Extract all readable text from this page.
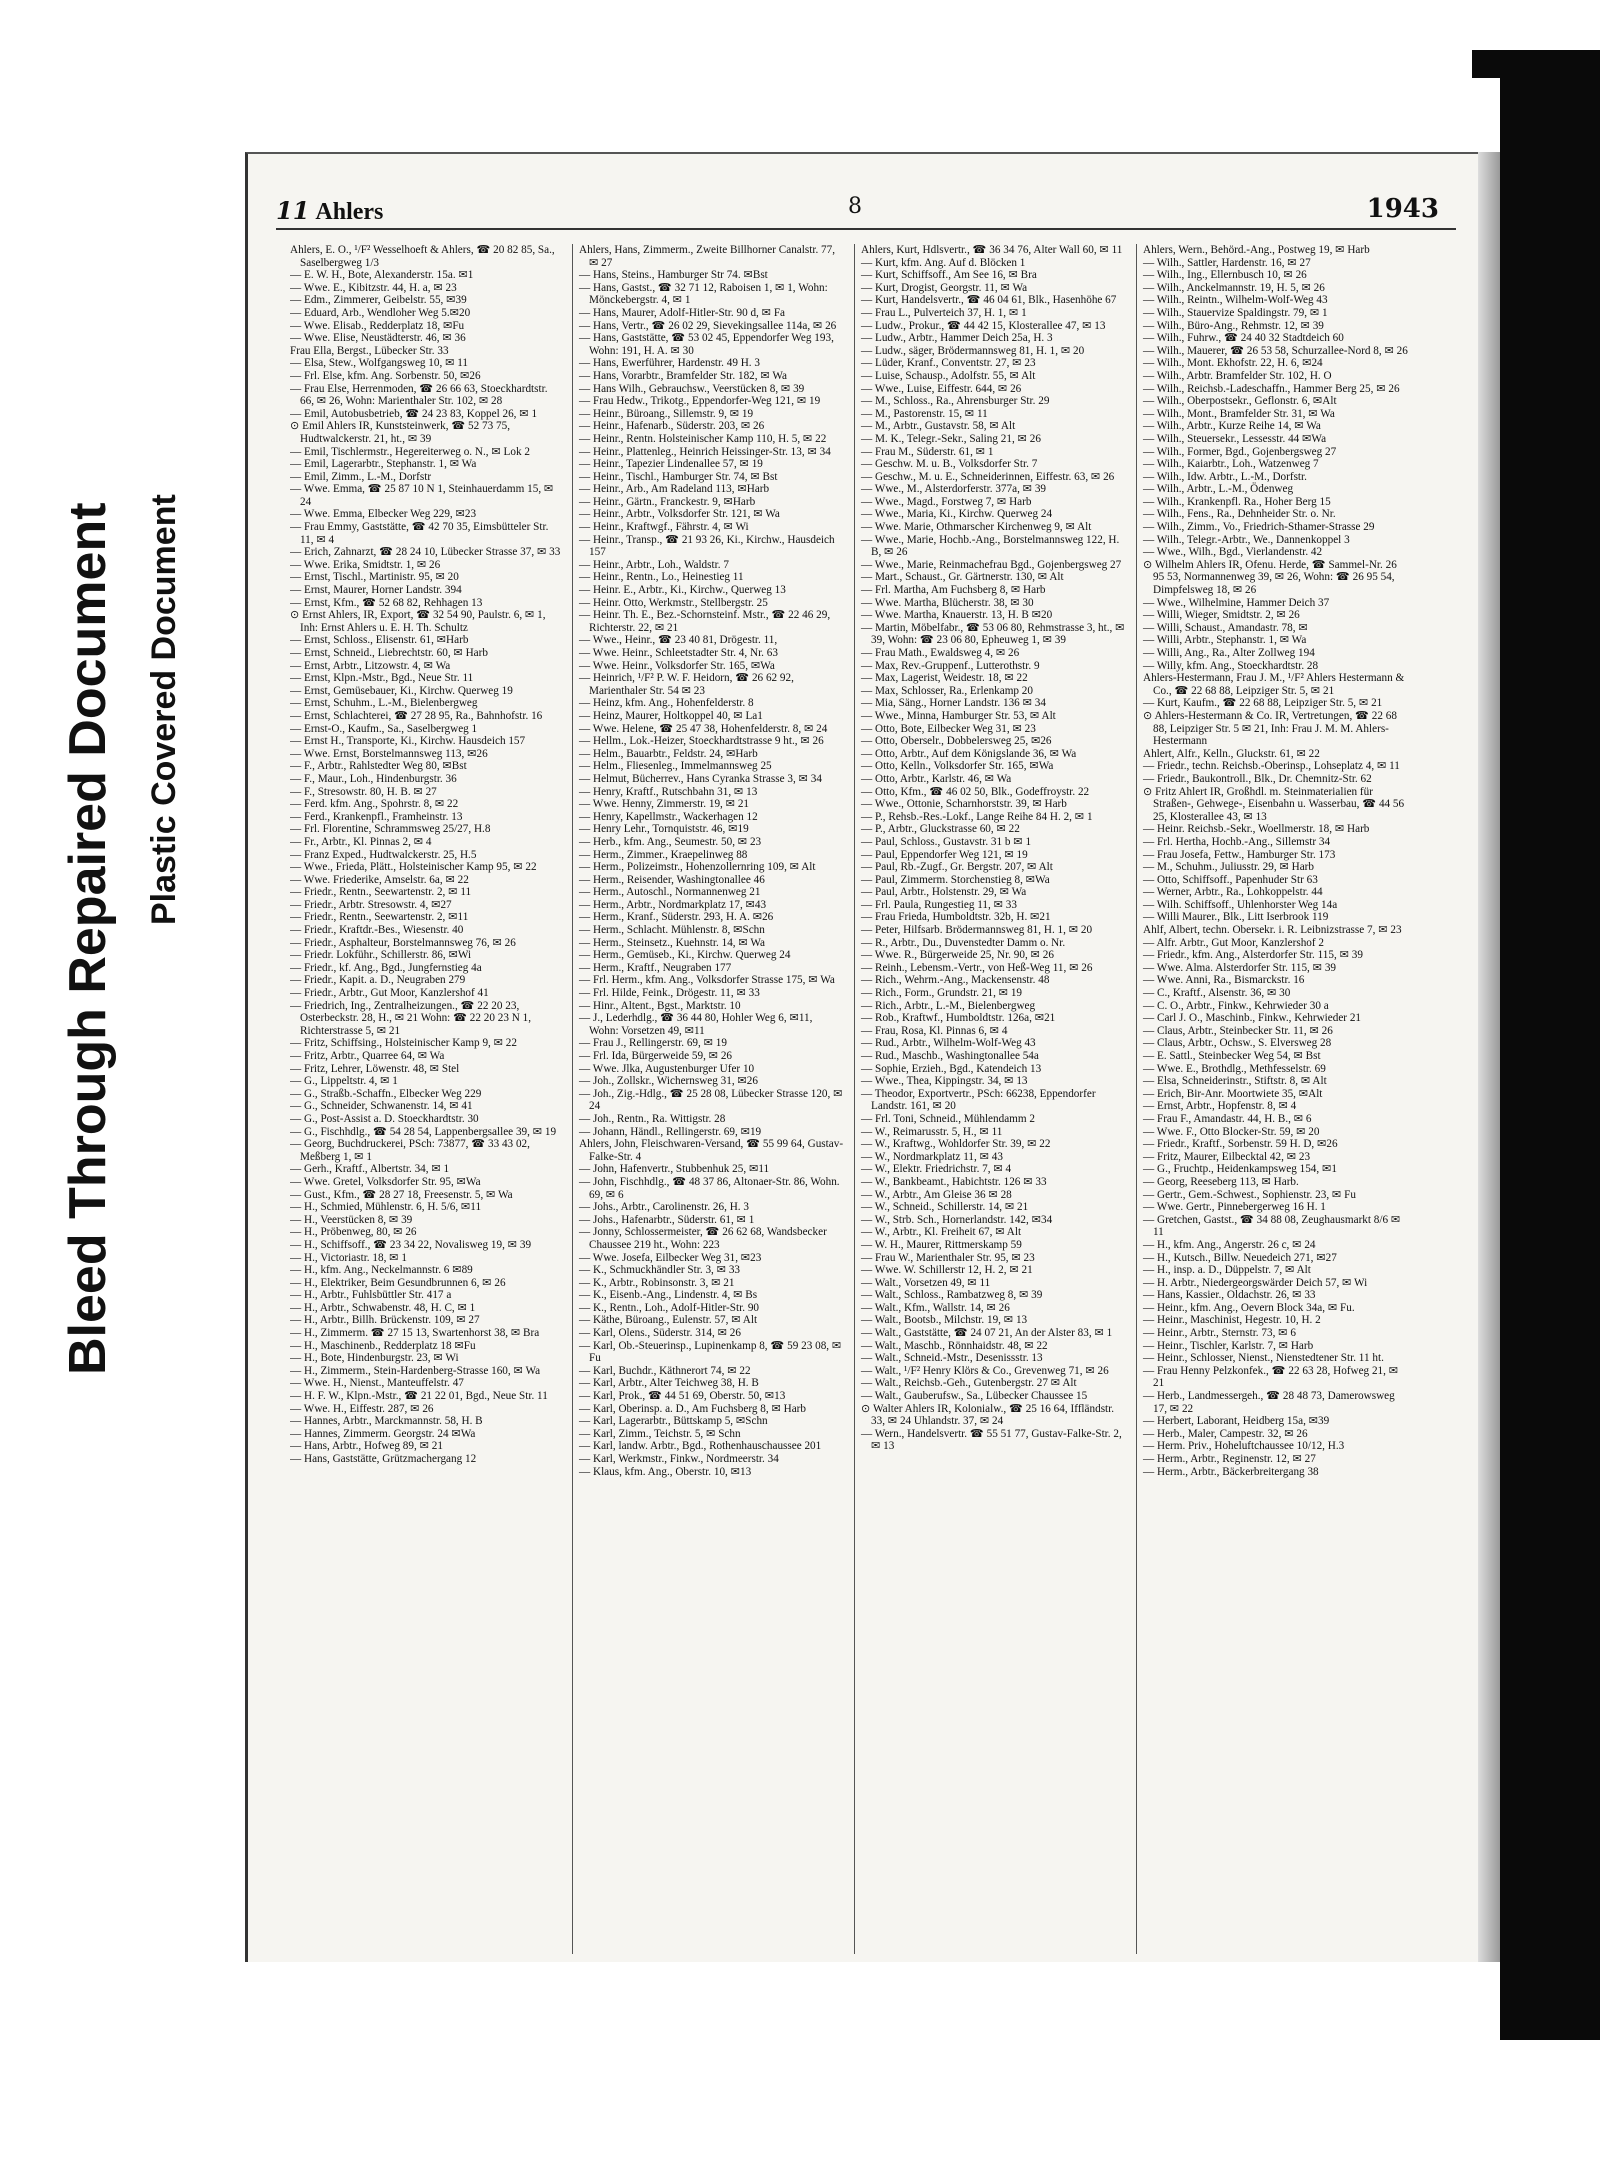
Bleed Through Repaired Document Plastic Covered Document
11 Ahlers	8	1943
Ahlers, E. O., ¹/F² Wesselhoeft & Ahlers, ☎ 20 82 85, Sa., Saselbergweg 1/3
— E. W. H., Bote, Alexanderstr. 15a. ✉1
— Wwe. E., Kibitzstr. 44, H. a, ✉ 23
— Edm., Zimmerer, Geibelstr. 55, ✉39
— Eduard, Arb., Wendloher Weg 5.✉20
— Wwe. Elisab., Redderplatz 18, ✉Fu
— Wwe. Elise, Neustädterstr. 46, ✉ 36
Frau Ella, Bergst., Lübecker Str. 33
— Elsa, Stew., Wolfgangsweg 10, ✉ 11
— Frl. Else, kfm. Ang. Sorbenstr. 50, ✉26
— Frau Else, Herrenmoden, ☎ 26 66 63, Stoeckhardtstr. 66, ✉ 26, Wohn: Marienthaler Str. 102, ✉ 28
— Emil, Autobusbetrieb, ☎ 24 23 83, Koppel 26, ✉ 1
⊙ Emil Ahlers IR, Kunststeinwerk, ☎ 52 73 75, Hudtwalckerstr. 21, ht., ✉ 39
— Emil, Tischlermstr., Hegereiterweg o. N., ✉ Lok 2
— Emil, Lagerarbtr., Stephanstr. 1, ✉ Wa
— Emil, Zimm., L.-M., Dorfstr
— Wwe. Emma, ☎ 25 87 10 N 1, Steinhauerdamm 15, ✉ 24
— Wwe. Emma, Elbecker Weg 229, ✉23
— Frau Emmy, Gaststätte, ☎ 42 70 35, Eimsbütteler Str. 11, ✉ 4
— Erich, Zahnarzt, ☎ 28 24 10, Lübecker Strasse 37, ✉ 33
— Wwe. Erika, Smidtstr. 1, ✉ 26
— Ernst, Tischl., Martinistr. 95, ✉ 20
— Ernst, Maurer, Horner Landstr. 394
— Ernst, Kfm., ☎ 52 68 82, Rehhagen 13
⊙ Ernst Ahlers, IR, Export, ☎ 32 54 90, Paulstr. 6, ✉ 1, Inh: Ernst Ahlers u. E. H. Th. Schultz
— Ernst, Schloss., Elisenstr. 61, ✉Harb
— Ernst, Schneid., Liebrechtstr. 60, ✉ Harb
— Ernst, Arbtr., Litzowstr. 4, ✉ Wa
— Ernst, Klpn.-Mstr., Bgd., Neue Str. 11
— Ernst, Gemüsebauer, Ki., Kirchw. Querweg 19
— Ernst, Schuhm., L.-M., Bielenbergweg
— Ernst, Schlachterei, ☎ 27 28 95, Ra., Bahnhofstr. 16
— Ernst-O., Kaufm., Sa., Saselbergweg 1
— Ernst H., Transporte, Ki., Kirchw. Hausdeich 157
— Wwe. Ernst, Borstelmannsweg 113, ✉26
— F., Arbtr., Rahlstedter Weg 80, ✉Bst
— F., Maur., Loh., Hindenburgstr. 36
— F., Stresowstr. 80, H. B. ✉ 27
— Ferd. kfm. Ang., Spohrstr. 8, ✉ 22
— Ferd., Krankenpfl., Framheinstr. 13
— Frl. Florentine, Schrammsweg 25/27, H.8
— Fr., Arbtr., Kl. Pinnas 2, ✉ 4
— Franz Exped., Hudtwalckerstr. 25, H.5
— Wwe., Frieda, Plätt., Holsteinischer Kamp 95, ✉ 22
— Wwe. Friederike, Amselstr. 6a, ✉ 22
— Friedr., Rentn., Seewartenstr. 2, ✉ 11
— Friedr., Arbtr. Stresowstr. 4, ✉27
— Friedr., Rentn., Seewartenstr. 2, ✉11
— Friedr., Kraftdr.-Bes., Wiesenstr. 40
— Friedr., Asphalteur, Borstelmannsweg 76, ✉ 26
— Friedr. Lokführ., Schillerstr. 86, ✉Wi
— Friedr., kf. Ang., Bgd., Jungfernstieg 4a
— Friedr., Kapit. a. D., Neugraben 279
— Friedr., Arbtr., Gut Moor, Kanzlershof 41
— Friedrich, Ing., Zentralheizungen., ☎ 22 20 23, Osterbeckstr. 28, H., ✉ 21 Wohn: ☎ 22 20 23 N 1, Richterstrasse 5, ✉ 21
— Fritz, Schiffsing., Holsteinischer Kamp 9, ✉ 22
— Fritz, Arbtr., Quarree 64, ✉ Wa
— Fritz, Lehrer, Löwenstr. 48, ✉ Stel
— G., Lippeltstr. 4, ✉ 1
— G., Straßb.-Schaffn., Elbecker Weg 229
— G., Schneider, Schwanenstr. 14, ✉ 41
— G., Post-Assist a. D. Stoeckhardtstr. 30
— G., Fischhdlg., ☎ 54 28 54, Lappenbergsallee 39, ✉ 19
— Georg, Buchdruckerei, PSch: 73877, ☎ 33 43 02, Meßberg 1, ✉ 1
— Gerh., Kraftf., Albertstr. 34, ✉ 1
— Wwe. Gretel, Volksdorfer Str. 95, ✉Wa
— Gust., Kfm., ☎ 28 27 18, Freesenstr. 5, ✉ Wa
— H., Schmied, Mühlenstr. 6, H. 5/6, ✉11
— H., Veerstücken 8, ✉ 39
— H., Pröbenweg, 80, ✉ 26
— H., Schiffsoff., ☎ 23 34 22, Novalisweg 19, ✉ 39
— H., Victoriastr. 18, ✉ 1
— H., kfm. Ang., Neckelmannstr. 6 ✉89
— H., Elektriker, Beim Gesundbrunnen 6, ✉ 26
— H., Arbtr., Fuhlsbüttler Str. 417 a
— H., Arbtr., Schwabenstr. 48, H. C, ✉ 1
— H., Arbtr., Billh. Brückenstr. 109, ✉ 27
— H., Zimmerm. ☎ 27 15 13, Swartenhorst 38, ✉ Bra
— H., Maschinenb., Redderplatz 18 ✉Fu
— H., Bote, Hindenburgstr. 23, ✉ Wi
— H., Zimmerm., Stein-Hardenberg-Strasse 160, ✉ Wa
— Wwe. H., Nienst., Manteuffelstr. 47
— H. F. W., Klpn.-Mstr., ☎ 21 22 01, Bgd., Neue Str. 11
— Wwe. H., Eiffestr. 287, ✉ 26
— Hannes, Arbtr., Marckmannstr. 58, H. B
— Hannes, Zimmerm. Georgstr. 24 ✉Wa
— Hans, Arbtr., Hofweg 89, ✉ 21
— Hans, Gaststätte, Grützmachergang 12
Ahlers, Hans, Zimmerm., Zweite Billhorner Canalstr. 77, ✉ 27
— Hans, Steins., Hamburger Str 74. ✉Bst
— Hans, Gastst., ☎ 32 71 12, Raboisen 1, ✉ 1, Wohn: Mönckebergstr. 4, ✉ 1
— Hans, Maurer, Adolf-Hitler-Str. 90 d, ✉ Fa
— Hans, Vertr., ☎ 26 02 29, Sievekingsallee 114a, ✉ 26
— Hans, Gaststätte, ☎ 53 02 45, Eppendorfer Weg 193, Wohn: 191, H. A. ✉ 30
— Hans, Ewerführer, Hardenstr. 49 H. 3
— Hans, Vorarbtr., Bramfelder Str. 182, ✉ Wa
— Hans Wilh., Gebrauchsw., Veerstücken 8, ✉ 39
— Frau Hedw., Trikotg., Eppendorfer-Weg 121, ✉ 19
— Heinr., Büroang., Sillemstr. 9, ✉ 19
— Heinr., Hafenarb., Süderstr. 203, ✉ 26
— Heinr., Rentn. Holsteinischer Kamp 110, H. 5, ✉ 22
— Heinr., Plattenleg., Heinrich Heissinger-Str. 13, ✉ 34
— Heinr., Tapezier Lindenallee 57, ✉ 19
— Heinr., Tischl., Hamburger Str. 74, ✉ Bst
— Heinr., Arb., Am Radeland 113, ✉Harb
— Heinr., Gärtn., Franckestr. 9, ✉Harb
— Heinr., Arbtr., Volksdorfer Str. 121, ✉ Wa
— Heinr., Kraftwgf., Fährstr. 4, ✉ Wi
— Heinr., Transp., ☎ 21 93 26, Ki., Kirchw., Hausdeich 157
— Heinr., Arbtr., Loh., Waldstr. 7
— Heinr., Rentn., Lo., Heinestieg 11
— Heinr. E., Arbtr., Ki., Kirchw., Querweg 13
— Heinr. Otto, Werkmstr., Stellbergstr. 25
— Heinr. Th. E., Bez.-Schornsteinf. Mstr., ☎ 22 46 29, Richterstr. 22, ✉ 21
— Wwe., Heinr., ☎ 23 40 81, Drögestr. 11,
— Wwe. Heinr., Schleetstadter Str. 4, Nr. 63
— Wwe. Heinr., Volksdorfer Str. 165, ✉Wa
— Heinrich, ¹/F² P. W. F. Heidorn, ☎ 26 62 92, Marienthaler Str. 54 ✉ 23
— Heinz, kfm. Ang., Hohenfelderstr. 8
— Heinz, Maurer, Holtkoppel 40, ✉ La1
— Wwe. Helene, ☎ 25 47 38, Hohenfelderstr. 8, ✉ 24
— Hellm., Lok.-Heizer, Stoeckhardtstrasse 9 ht., ✉ 26
— Helm., Bauarbtr., Feldstr. 24, ✉Harb
— Helm., Fliesenleg., Immelmannsweg 25
— Helmut, Bücherrev., Hans Cyranka Strasse 3, ✉ 34
— Henry, Kraftf., Rutschbahn 31, ✉ 13
— Wwe. Henny, Zimmerstr. 19, ✉ 21
— Henry, Kapellmstr., Wackerhagen 12
— Henry Lehr., Tornquiststr. 46, ✉19
— Herb., kfm. Ang., Seumestr. 50, ✉ 23
— Herm., Zimmer., Kraepelinweg 88
— Herm., Polizeimstr., Hohenzollernring 109, ✉ Alt
— Herm., Reisender, Washingtonallee 46
— Herm., Autoschl., Normannenweg 21
— Herm., Arbtr., Nordmarkplatz 17, ✉43
— Herm., Kranf., Süderstr. 293, H. A. ✉26
— Herm., Schlacht. Mühlenstr. 8, ✉Schn
— Herm., Steinsetz., Kuehnstr. 14, ✉ Wa
— Herm., Gemüseb., Ki., Kirchw. Querweg 24
— Herm., Kraftf., Neugraben 177
— Frl. Herm., kfm. Ang., Volksdorfer Strasse 175, ✉ Wa
— Frl. Hilde, Feink., Drögestr. 11, ✉ 33
— Hinr., Altent., Bgst., Marktstr. 10
— J., Lederhdlg., ☎ 36 44 80, Hohler Weg 6, ✉11, Wohn: Vorsetzen 49, ✉11
— Frau J., Rellingerstr. 69, ✉ 19
— Frl. Ida, Bürgerweide 59, ✉ 26
— Wwe. Jlka, Augustenburger Ufer 10
— Joh., Zollskr., Wichernsweg 31, ✉26
— Joh., Zig.-Hdlg., ☎ 25 28 08, Lübecker Strasse 120, ✉ 24
— Joh., Rentn., Ra. Wittigstr. 28
— Johann, Händl., Rellingerstr. 69, ✉19
Ahlers, John, Fleischwaren-Versand, ☎ 55 99 64, Gustav-Falke-Str. 4
— John, Hafenvertr., Stubbenhuk 25, ✉11
— John, Fischhdlg., ☎ 48 37 86, Altonaer-Str. 86, Wohn. 69, ✉ 6
— Johs., Arbtr., Carolinenstr. 26, H. 3
— Johs., Hafenarbtr., Süderstr. 61, ✉ 1
— Jonny, Schlossermeister, ☎ 26 62 68, Wandsbecker Chaussee 219 ht., Wohn: 223
— Wwe. Josefa, Eilbecker Weg 31, ✉23
— K., Schmuckhändler Str. 3, ✉ 33
— K., Arbtr., Robinsonstr. 3, ✉ 21
— K., Eisenb.-Ang., Lindenstr. 4, ✉ Bs
— K., Rentn., Loh., Adolf-Hitler-Str. 90
— Käthe, Büroang., Eulenstr. 57, ✉ Alt
— Karl, Olens., Süderstr. 314, ✉ 26
— Karl, Ob.-Steuerinsp., Lupinenkamp 8, ☎ 59 23 08, ✉ Fu
— Karl, Buchdr., Käthnerort 74, ✉ 22
— Karl, Arbtr., Alter Teichweg 38, H. B
— Karl, Prok., ☎ 44 51 69, Oberstr. 50, ✉13
— Karl, Oberinsp. a. D., Am Fuchsberg 8, ✉ Harb
— Karl, Lagerarbtr., Büttskamp 5, ✉Schn
— Karl, Zimm., Teichstr. 5, ✉ Schn
— Karl, landw. Arbtr., Bgd., Rothenhauschaussee 201
— Karl, Werkmstr., Finkw., Nordmeerstr. 34
— Klaus, kfm. Ang., Oberstr. 10, ✉13
Ahlers, Kurt, Hdlsvertr., ☎ 36 34 76, Alter Wall 60, ✉ 11
— Kurt, kfm. Ang. Auf d. Blöcken 1
— Kurt, Schiffsoff., Am See 16, ✉ Bra
— Kurt, Drogist, Georgstr. 11, ✉ Wa
— Kurt, Handelsvertr., ☎ 46 04 61, Blk., Hasenhöhe 67
— Frau L., Pulverteich 37, H. 1, ✉ 1
— Ludw., Prokur., ☎ 44 42 15, Klosterallee 47, ✉ 13
— Ludw., Arbtr., Hammer Deich 25a, H. 3
— Ludw., säger, Brödermannsweg 81, H. 1, ✉ 20
— Lüder, Kranf., Conventstr. 27, ✉ 23
— Luise, Schausp., Adolfstr. 55, ✉ Alt
— Wwe., Luise, Eiffestr. 644, ✉ 26
— M., Schloss., Ra., Ahrensburger Str. 29
— M., Pastorenstr. 15, ✉ 11
— M., Arbtr., Gustavstr. 58, ✉ Alt
— M. K., Telegr.-Sekr., Saling 21, ✉ 26
— Frau M., Süderstr. 61, ✉ 1
— Geschw. M. u. B., Volksdorfer Str. 7
— Geschw., M. u. E., Schneiderinnen, Eiffestr. 63, ✉ 26
— Wwe., M., Alsterdorferstr. 377a, ✉ 39
— Wwe., Magd., Forstweg 7, ✉ Harb
— Wwe., Maria, Ki., Kirchw. Querweg 24
— Wwe. Marie, Othmarscher Kirchenweg 9, ✉ Alt
— Wwe., Marie, Hochb.-Ang., Borstelmannsweg 122, H. B, ✉ 26
— Wwe., Marie, Reinmachefrau Bgd., Gojenbergsweg 27
— Mart., Schaust., Gr. Gärtnerstr. 130, ✉ Alt
— Frl. Martha, Am Fuchsberg 8, ✉ Harb
— Wwe. Martha, Blücherstr. 38, ✉ 30
— Wwe. Martha, Knauerstr. 13, H. B ✉20
— Martin, Möbelfabr., ☎ 53 06 80, Rehmstrasse 3, ht., ✉ 39, Wohn: ☎ 23 06 80, Epheuweg 1, ✉ 39
— Frau Math., Ewaldsweg 4, ✉ 26
— Max, Rev.-Gruppenf., Lutterothstr. 9
— Max, Lagerist, Weidestr. 18, ✉ 22
— Max, Schlosser, Ra., Erlenkamp 20
— Mia, Säng., Horner Landstr. 136 ✉ 34
— Wwe., Minna, Hamburger Str. 53, ✉ Alt
— Otto, Bote, Eilbecker Weg 31, ✉ 23
— Otto, Oberselr., Dobbelersweg 25, ✉26
— Otto, Arbtr., Auf dem Königslande 36, ✉ Wa
— Otto, Kelln., Volksdorfer Str. 165, ✉Wa
— Otto, Arbtr., Karlstr. 46, ✉ Wa
— Otto, Kfm., ☎ 46 02 50, Blk., Godeffroystr. 22
— Wwe., Ottonie, Scharnhorststr. 39, ✉ Harb
— P., Rehsb.-Res.-Lokf., Lange Reihe 84 H. 2, ✉ 1
— P., Arbtr., Gluckstrasse 60, ✉ 22
— Paul, Schloss., Gustavstr. 31 b ✉ 1
— Paul, Eppendorfer Weg 121, ✉ 19
— Paul, Rb.-Zugf., Gr. Bergstr. 207, ✉ Alt
— Paul, Zimmerm. Storchenstieg 8, ✉Wa
— Paul, Arbtr., Holstenstr. 29, ✉ Wa
— Frl. Paula, Rungestieg 11, ✉ 33
— Frau Frieda, Humboldtstr. 32b, H. ✉21
— Peter, Hilfsarb. Brödermannsweg 81, H. 1, ✉ 20
— R., Arbtr., Du., Duvenstedter Damm o. Nr.
— Wwe. R., Bürgerweide 25, Nr. 90, ✉ 26
— Reinh., Lebensm.-Vertr., von Heß-Weg 11, ✉ 26
— Rich., Wehrm.-Ang., Mackensenstr. 48
— Rich., Form., Grundstr. 21, ✉ 19
— Rich., Arbtr., L.-M., Bielenbergweg
— Rob., Kraftwf., Humboldtstr. 126a, ✉21
— Frau, Rosa, Kl. Pinnas 6, ✉ 4
— Rud., Arbtr., Wilhelm-Wolf-Weg 43
— Rud., Maschb., Washingtonallee 54a
— Sophie, Erzieh., Bgd., Katendeich 13
— Wwe., Thea, Kippingstr. 34, ✉ 13
— Theodor, Exportvertr., PSch: 66238, Eppendorfer Landstr. 161, ✉ 20
— Frl. Toni, Schneid., Mühlendamm 2
— W., Reimarusstr. 5, H., ✉ 11
— W., Kraftwg., Wohldorfer Str. 39, ✉ 22
— W., Nordmarkplatz 11, ✉ 43
— W., Elektr. Friedrichstr. 7, ✉ 4
— W., Bankbeamt., Habichtstr. 126 ✉ 33
— W., Arbtr., Am Gleise 36 ✉ 28
— W., Schneid., Schillerstr. 14, ✉ 21
— W., Strb. Sch., Hornerlandstr. 142, ✉34
— W., Arbtr., Kl. Freiheit 67, ✉ Alt
— W. H., Maurer, Rittmerskamp 59
— Frau W., Marienthaler Str. 95, ✉ 23
— Wwe. W. Schillerstr 12, H. 2, ✉ 21
— Walt., Vorsetzen 49, ✉ 11
— Walt., Schloss., Rambatzweg 8, ✉ 39
— Walt., Kfm., Wallstr. 14, ✉ 26
— Walt., Bootsb., Milchstr. 19, ✉ 13
— Walt., Gaststätte, ☎ 24 07 21, An der Alster 83, ✉ 1
— Walt., Maschb., Rönnhaidstr. 48, ✉ 22
— Walt., Schneid.-Mstr., Desenissstr. 13
— Walt., ¹/F² Henry Klörs & Co., Grevenweg 71, ✉ 26
— Walt., Reichsb.-Geh., Gutenbergstr. 27 ✉ Alt
— Walt., Gauberufsw., Sa., Lübecker Chaussee 15
⊙ Walter Ahlers IR, Kolonialw., ☎ 25 16 64, Iffländstr. 33, ✉ 24 Uhlandstr. 37, ✉ 24
— Wern., Handelsvertr. ☎ 55 51 77, Gustav-Falke-Str. 2, ✉ 13
Ahlers, Wern., Behörd.-Ang., Postweg 19, ✉ Harb
— Wilh., Sattler, Hardenstr. 16, ✉ 27
— Wilh., Ing., Ellernbusch 10, ✉ 26
— Wilh., Anckelmannstr. 19, H. 5, ✉ 26
— Wilh., Reintn., Wilhelm-Wolf-Weg 43
— Wilh., Stauervize Spaldingstr. 79, ✉ 1
— Wilh., Büro-Ang., Rehmstr. 12, ✉ 39
— Wilh., Fuhrw., ☎ 24 40 32 Stadtdeich 60
— Wilh., Mauerer, ☎ 26 53 58, Schurzallee-Nord 8, ✉ 26
— Wilh., Mont. Ekhofstr. 22, H. 6, ✉24
— Wilh., Arbtr. Bramfelder Str. 102, H. O
— Wilh., Reichsb.-Ladeschaffn., Hammer Berg 25, ✉ 26
— Wilh., Oberpostsekr., Geflonstr. 6, ✉Alt
— Wilh., Mont., Bramfelder Str. 31, ✉ Wa
— Wilh., Arbtr., Kurze Reihe 14, ✉ Wa
— Wilh., Steuersekr., Lessesstr. 44 ✉Wa
— Wilh., Former, Bgd., Gojenbergsweg 27
— Wilh., Kaiarbtr., Loh., Watzenweg 7
— Wilh., Idw. Arbtr., L.-M., Dorfstr.
— Wilh., Arbtr., L.-M., Ödenweg
— Wilh., Krankenpfl. Ra., Hoher Berg 15
— Wilh., Fens., Ra., Dehnheider Str. o. Nr.
— Wilh., Zimm., Vo., Friedrich-Sthamer-Strasse 29
— Wilh., Telegr.-Arbtr., We., Dannenkoppel 3
— Wwe., Wilh., Bgd., Vierlandenstr. 42
⊙ Wilhelm Ahlers IR, Ofenu. Herde, ☎ Sammel-Nr. 26 95 53, Normannenweg 39, ✉ 26, Wohn: ☎ 26 95 54, Dimpfelsweg 18, ✉ 26
— Wwe., Wilhelmine, Hammer Deich 37
— Willi, Wieger, Smidtstr. 2, ✉ 26
— Willi, Schaust., Amandastr. 78, ✉
— Willi, Arbtr., Stephanstr. 1, ✉ Wa
— Willi, Ang., Ra., Alter Zollweg 194
— Willy, kfm. Ang., Stoeckhardtstr. 28
Ahlers-Hestermann, Frau J. M., ¹/F² Ahlers Hestermann & Co., ☎ 22 68 88, Leipziger Str. 5, ✉ 21
— Kurt, Kaufm., ☎ 22 68 88, Leipziger Str. 5, ✉ 21
⊙ Ahlers-Hestermann & Co. IR, Vertretungen, ☎ 22 68 88, Leipziger Str. 5 ✉ 21, Inh: Frau J. M. M. Ahlers-Hestermann
Ahlert, Alfr., Kelln., Gluckstr. 61, ✉ 22
— Friedr., techn. Reichsb.-Oberinsp., Lohseplatz 4, ✉ 11
— Friedr., Baukontroll., Blk., Dr. Chemnitz-Str. 62
⊙ Fritz Ahlert IR, Großhdl. m. Steinmaterialien für Straßen-, Gehwege-, Eisenbahn u. Wasserbau, ☎ 44 56 25, Klosterallee 43, ✉ 13
— Heinr. Reichsb.-Sekr., Woellmerstr. 18, ✉ Harb
— Frl. Hertha, Hochb.-Ang., Sillemstr 34
— Frau Josefa, Fettw., Hamburger Str. 173
— M., Schuhm., Juliusstr. 29, ✉ Harb
— Otto, Schiffsoff., Papenhuder Str 63
— Werner, Arbtr., Ra., Lohkoppelstr. 44
— Wilh. Schiffsoff., Uhlenhorster Weg 14a
— Willi Maurer., Blk., Litt Iserbrook 119
Ahlf, Albert, techn. Obersekr. i. R. Leibnizstrasse 7, ✉ 23
— Alfr. Arbtr., Gut Moor, Kanzlershof 2
— Friedr., kfm. Ang., Alsterdorfer Str. 115, ✉ 39
— Wwe. Alma. Alsterdorfer Str. 115, ✉ 39
— Wwe. Anni, Ra., Bismarckstr. 16
— C., Kraftf., Alsenstr. 36, ✉ 30
— C. O., Arbtr., Finkw., Kehrwieder 30 a
— Carl J. O., Maschinb., Finkw., Kehrwieder 21
— Claus, Arbtr., Steinbecker Str. 11, ✉ 26
— Claus, Arbtr., Ochsw., S. Elversweg 28
— E. Sattl., Steinbecker Weg 54, ✉ Bst
— Wwe. E., Brothdlg., Methfesselstr. 69
— Elsa, Schneiderinstr., Stiftstr. 8, ✉ Alt
— Erich, Bir-Anr. Moortwiete 35, ✉Alt
— Ernst, Arbtr., Hopfenstr. 8, ✉ 4
— Frau F., Amandastr. 44, H. B., ✉ 6
— Wwe. F., Otto Blocker-Str. 59, ✉ 20
— Friedr., Kraftf., Sorbenstr. 59 H. D, ✉26
— Fritz, Maurer, Eilbecktal 42, ✉ 23
— G., Fruchtp., Heidenkampsweg 154, ✉1
— Georg, Reeseberg 113, ✉ Harb.
— Gertr., Gem.-Schwest., Sophienstr. 23, ✉ Fu
— Wwe. Gertr., Pinnebergerweg 16 H. 1
— Gretchen, Gastst., ☎ 34 88 08, Zeughausmarkt 8/6 ✉ 11
— H., kfm. Ang., Angerstr. 26 c, ✉ 24
— H., Kutsch., Billw. Neuedeich 271, ✉27
— H., insp. a. D., Düppelstr. 7, ✉ Alt
— H. Arbtr., Niedergeorgswärder Deich 57, ✉ Wi
— Hans, Kassier., Oldachstr. 26, ✉ 33
— Heinr., kfm. Ang., Oevern Block 34a, ✉ Fu.
— Heinr., Maschinist, Hegestr. 10, H. 2
— Heinr., Arbtr., Sternstr. 73, ✉ 6
— Heinr., Tischler, Karlstr. 7, ✉ Harb
— Heinr., Schlosser, Nienst., Nienstedtener Str. 11 ht.
— Frau Henny Pelzkonfek., ☎ 22 63 28, Hofweg 21, ✉ 21
— Herb., Landmessergeh., ☎ 28 48 73, Damerowsweg 17, ✉ 22
— Herbert, Laborant, Heidberg 15a, ✉39
— Herb., Maler, Campestr. 32, ✉ 26
— Herm. Priv., Hoheluftchaussee 10/12, H.3
— Herm., Arbtr., Reginenstr. 12, ✉ 27
— Herm., Arbtr., Bäckerbreitergang 38
